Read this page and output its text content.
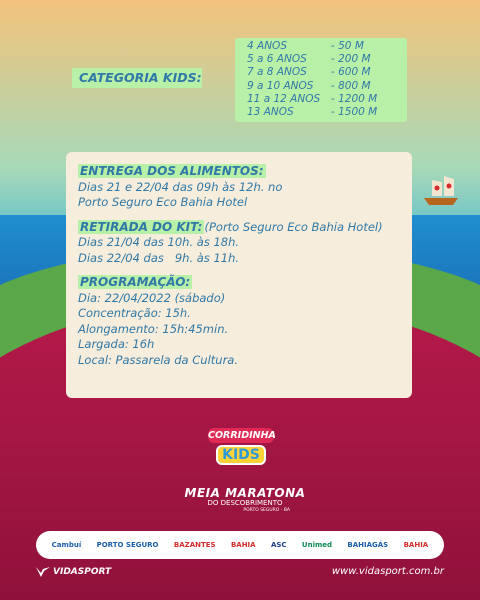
CATEGORIA KIDS:
4 ANOS	- 50 M
5 a 6 ANOS	- 200 M
7 a 8 ANOS	- 600 M
9 a 10 ANOS	- 800 M
11 a 12 ANOS	- 1200 M
13 ANOS	- 1500 M
ENTREGA DOS ALIMENTOS:
Dias 21 e 22/04 das 09h às 12h. no
Porto Seguro Eco Bahia Hotel
RETIRADA DO KIT: (Porto Seguro Eco Bahia Hotel)
Dias 21/04 das 10h. às 18h.
Dias 22/04 das   9h. às 11h.
PROGRAMAÇÃO:
Dia: 22/04/2022 (sábado)
Concentração: 15h.
Alongamento: 15h:45min.
Largada: 16h
Local: Passarela da Cultura.
CORRIDINHA
KIDS
MEIA MARATONA
DO DESCOBRIMENTO
PORTO SEGURO - BA
Cambuí PORTO SEGURO BAZANTES BAHIA ASC Unimed BAHIAGÁS BAHIA
VIDASPORT	www.vidasport.com.br
